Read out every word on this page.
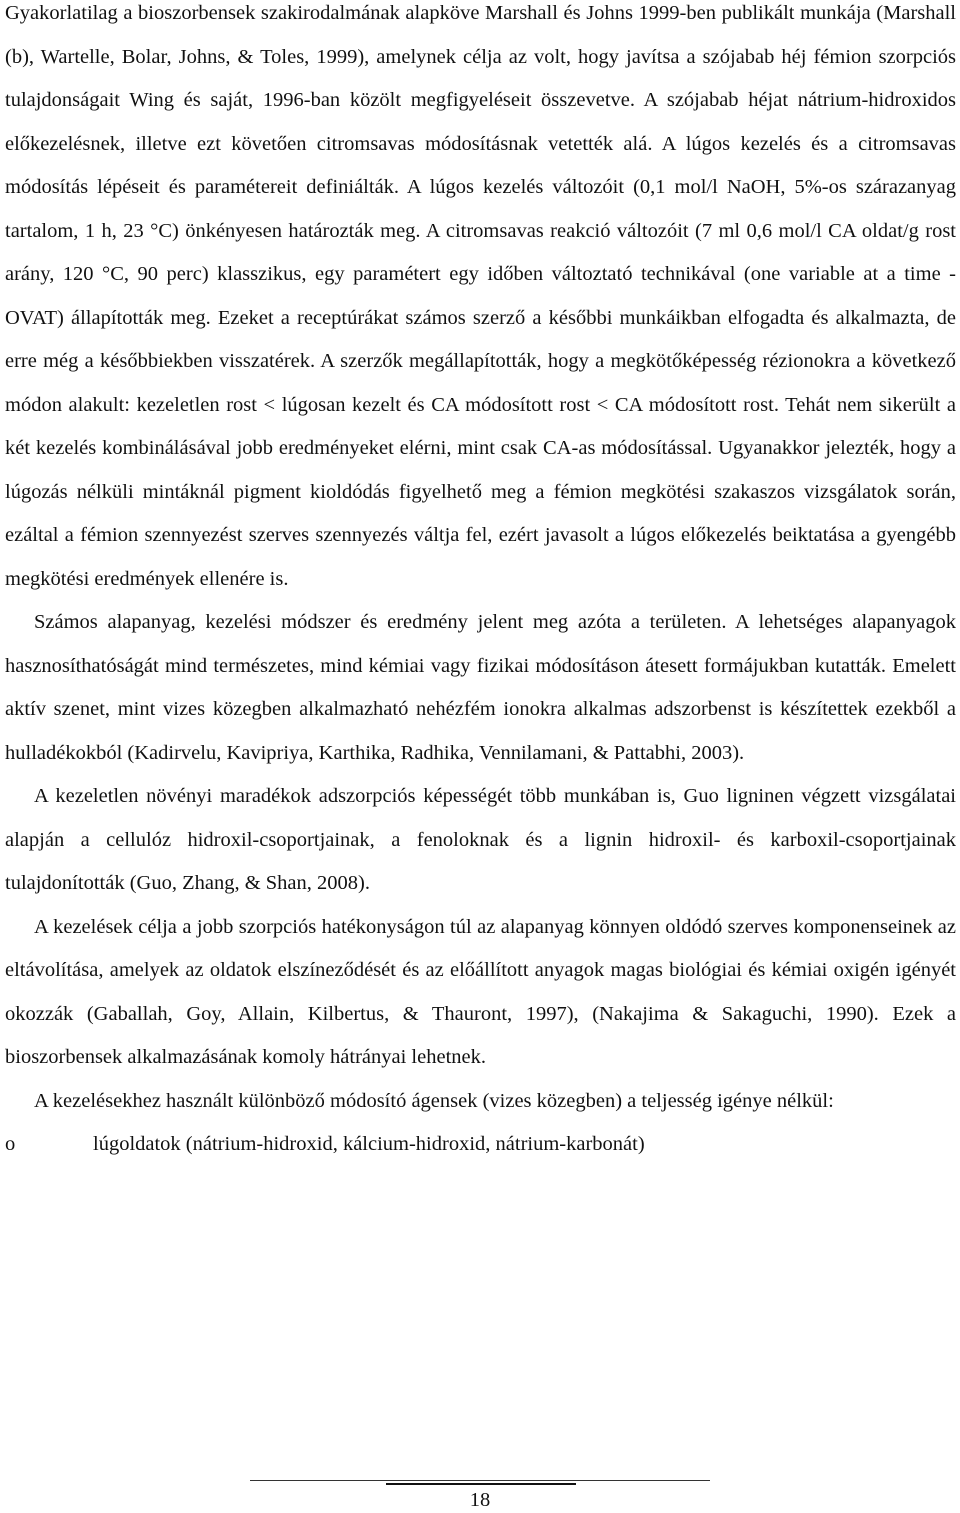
Gyakorlatilag a bioszorbensek szakirodalmának alapköve Marshall és Johns 1999-ben publikált munkája (Marshall (b), Wartelle, Bolar, Johns, & Toles, 1999), amelynek célja az volt, hogy javítsa a szójabab héj fémion szorpciós tulajdonságait Wing és saját, 1996-ban közölt megfigyeléseit összevetve. A szójabab héjat nátrium-hidroxidos előkezelésnek, illetve ezt követően citromsavas módosításnak vetették alá. A lúgos kezelés és a citromsavas módosítás lépéseit és paramétereit definiálták. A lúgos kezelés változóit (0,1 mol/l NaOH, 5%-os szárazanyag tartalom, 1 h, 23 °C) önkényesen határozták meg. A citromsavas reakció változóit (7 ml 0,6 mol/l CA oldat/g rost arány, 120 °C, 90 perc) klasszikus, egy paramétert egy időben változtató technikával (one variable at a time - OVAT) állapították meg. Ezeket a receptúrákat számos szerző a későbbi munkáikban elfogadta és alkalmazta, de erre még a későbbiekben visszatérek. A szerzők megállapították, hogy a megkötőképesség rézionokra a következő módon alakult: kezeletlen rost < lúgosan kezelt és CA módosított rost < CA módosított rost. Tehát nem sikerült a két kezelés kombinálásával jobb eredményeket elérni, mint csak CA-as módosítással. Ugyanakkor jelezték, hogy a lúgozás nélküli mintáknál pigment kioldódás figyelhető meg a fémion megkötési szakaszos vizsgálatok során, ezáltal a fémion szennyezést szerves szennyezés váltja fel, ezért javasolt a lúgos előkezelés beiktatása a gyengébb megkötési eredmények ellenére is.

Számos alapanyag, kezelési módszer és eredmény jelent meg azóta a területen. A lehetséges alapanyagok hasznosíthatóságát mind természetes, mind kémiai vagy fizikai módosításon átesett formájukban kutatták. Emelett aktív szenet, mint vizes közegben alkalmazható nehézfém ionokra alkalmas adszorbenst is készítettek ezekből a hulladékokból (Kadirvelu, Kavipriya, Karthika, Radhika, Vennilamani, & Pattabhi, 2003).

A kezeletlen növényi maradékok adszorpciós képességét több munkában is, Guo ligninen végzett vizsgálatai alapján a cellulóz hidroxil-csoportjainak, a fenoloknak és a lignin hidroxil- és karboxil-csoportjainak tulajdonították (Guo, Zhang, & Shan, 2008).

A kezelések célja a jobb szorpciós hatékonyságon túl az alapanyag könnyen oldódó szerves komponenseinek az eltávolítása, amelyek az oldatok elszíneződését és az előállított anyagok magas biológiai és kémiai oxigén igényét okozzák (Gaballah, Goy, Allain, Kilbertus, & Thauront, 1997), (Nakajima & Sakaguchi, 1990). Ezek a bioszorbensek alkalmazásának komoly hátrányai lehetnek.

A kezelésekhez használt különböző módosító ágensek (vizes közegben) a teljesség igénye nélkül:

o	lúgoldatok (nátrium-hidroxid, kálcium-hidroxid, nátrium-karbonát)
18
